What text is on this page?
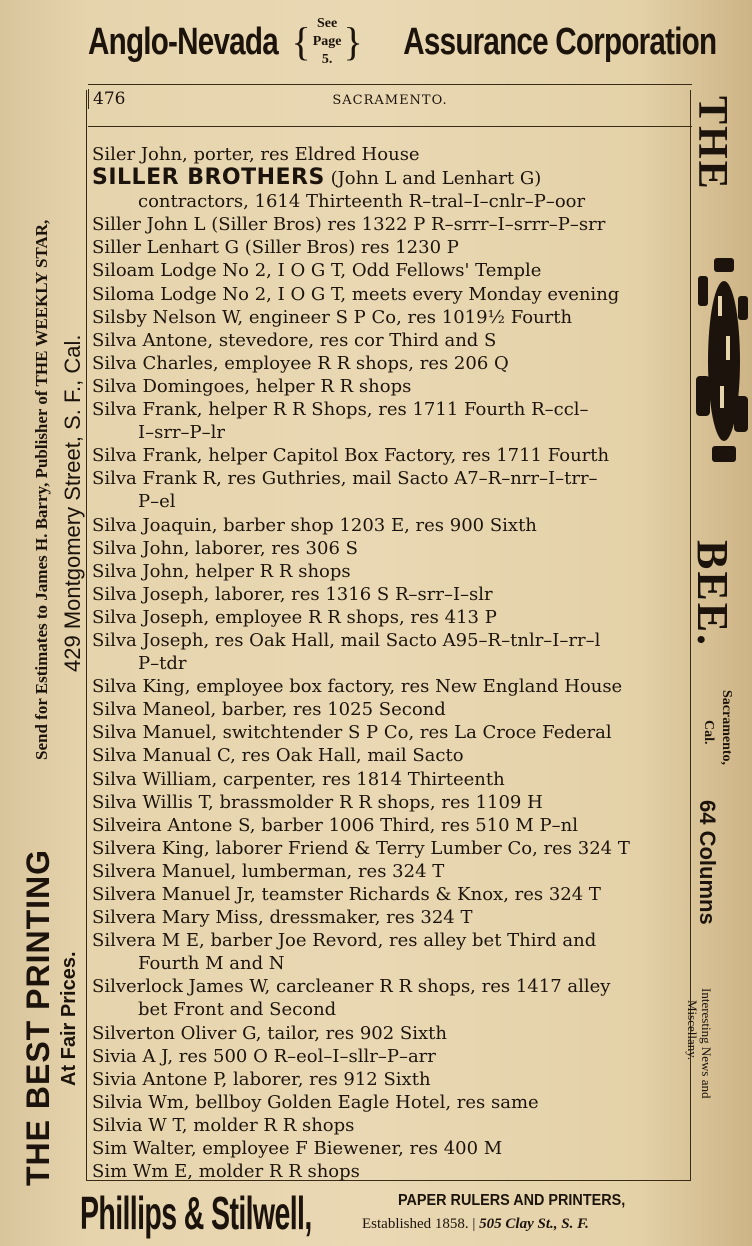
Anglo-Nevada { See
Page 5. } Assurance Corporation
476	SACRAMENTO.
Siler John, porter, res Eldred House
SILLER BROTHERS (John L and Lenhart G)
contractors, 1614 Thirteenth R–tral–I–cnlr–P–oor
Siller John L (Siller Bros) res 1322 P R–srrr–I–srrr–P–srr
Siller Lenhart G (Siller Bros) res 1230 P
Siloam Lodge No 2, I O G T, Odd Fellows' Temple
Siloma Lodge No 2, I O G T, meets every Monday evening
Silsby Nelson W, engineer S P Co, res 1019½ Fourth
Silva Antone, stevedore, res cor Third and S
Silva Charles, employee R R shops, res 206 Q
Silva Domingoes, helper R R shops
Silva Frank, helper R R Shops, res 1711 Fourth R–ccl–
I–srr–P–lr
Silva Frank, helper Capitol Box Factory, res 1711 Fourth
Silva Frank R, res Guthries, mail Sacto A7–R–nrr–I–trr–
P–el
Silva Joaquin, barber shop 1203 E, res 900 Sixth
Silva John, laborer, res 306 S
Silva John, helper R R shops
Silva Joseph, laborer, res 1316 S R–srr–I–slr
Silva Joseph, employee R R shops, res 413 P
Silva Joseph, res Oak Hall, mail Sacto A95–R–tnlr–I–rr–l
P–tdr
Silva King, employee box factory, res New England House
Silva Maneol, barber, res 1025 Second
Silva Manuel, switchtender S P Co, res La Croce Federal
Silva Manual C, res Oak Hall, mail Sacto
Silva William, carpenter, res 1814 Thirteenth
Silva Willis T, brassmolder R R shops, res 1109 H
Silveira Antone S, barber 1006 Third, res 510 M P–nl
Silvera King, laborer Friend & Terry Lumber Co, res 324 T
Silvera Manuel, lumberman, res 324 T
Silvera Manuel Jr, teamster Richards & Knox, res 324 T
Silvera Mary Miss, dressmaker, res 324 T
Silvera M E, barber Joe Revord, res alley bet Third and
Fourth M and N
Silverlock James W, carcleaner R R shops, res 1417 alley
bet Front and Second
Silverton Oliver G, tailor, res 902 Sixth
Sivia A J, res 500 O R–eol–I–sllr–P–arr
Sivia Antone P, laborer, res 912 Sixth
Silvia Wm, bellboy Golden Eagle Hotel, res same
Silvia W T, molder R R shops
Sim Walter, employee F Biewener, res 400 M
Sim Wm E, molder R R shops
THE BEST PRINTING At Fair Prices.
Send for Estimates to James H. Barry, Publisher of THE WEEKLY STAR, 429 Montgomery Street, S. F., Cal.
THE
BEE.
Sacramento,
Cal.
64 Columns
Interesting News and
Miscellany.
Phillips & Stilwell,	PAPER RULERS AND PRINTERS,
Established 1858. | 505 Clay St., S. F.
